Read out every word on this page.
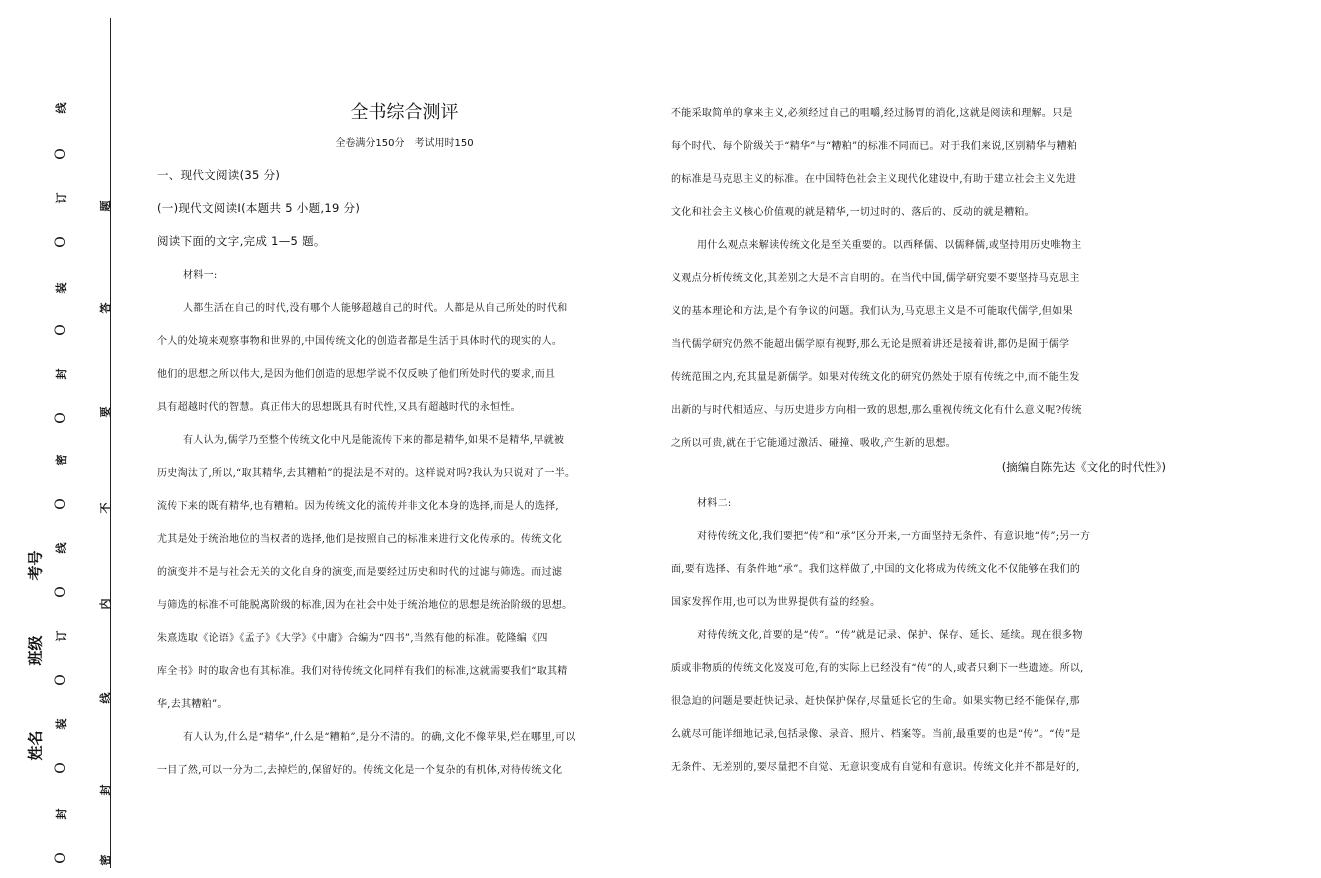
全书综合测评
全卷满分150分　考试用时150
(摘编自陈先达《文化的时代性》)
线
O
订
O
装
O
封
O
密
O
线
O
订
O
装
O
封
O
题
答
要
不
内
线
封
密
姓名
班级
考号
一、现代文阅读(35 分)
(一)现代文阅读Ⅰ(本题共 5 小题,19 分)
阅读下面的文字,完成 1—5 题。
材料一:
人都生活在自己的时代,没有哪个人能够超越自己的时代。人都是从自己所处的时代和
个人的处境来观察事物和世界的,中国传统文化的创造者都是生活于具体时代的现实的人。
他们的思想之所以伟大,是因为他们创造的思想学说不仅反映了他们所处时代的要求,而且
具有超越时代的智慧。真正伟大的思想既具有时代性,又具有超越时代的永恒性。
有人认为,儒学乃至整个传统文化中凡是能流传下来的都是精华,如果不是精华,早就被
历史淘汰了,所以,“取其精华,去其糟粕”的提法是不对的。这样说对吗?我认为只说对了一半。
流传下来的既有精华,也有糟粕。因为传统文化的流传并非文化本身的选择,而是人的选择,
尤其是处于统治地位的当权者的选择,他们是按照自己的标准来进行文化传承的。传统文化
的演变并不是与社会无关的文化自身的演变,而是要经过历史和时代的过滤与筛选。而过滤
与筛选的标准不可能脱离阶级的标准,因为在社会中处于统治地位的思想是统治阶级的思想。
朱熹选取《论语》《孟子》《大学》《中庸》合编为“四书”,当然有他的标准。乾隆编《四
库全书》时的取舍也有其标准。我们对待传统文化同样有我们的标准,这就需要我们“取其精
华,去其糟粕”。
有人认为,什么是“精华”,什么是“糟粕”,是分不清的。的确,文化不像苹果,烂在哪里,可以
一目了然,可以一分为二,去掉烂的,保留好的。传统文化是一个复杂的有机体,对待传统文化
不能采取简单的拿来主义,必须经过自己的咀嚼,经过肠胃的消化,这就是阅读和理解。只是
每个时代、每个阶级关于“精华”与“糟粕”的标准不同而已。对于我们来说,区别精华与糟粕
的标准是马克思主义的标准。在中国特色社会主义现代化建设中,有助于建立社会主义先进
文化和社会主义核心价值观的就是精华,一切过时的、落后的、反动的就是糟粕。
用什么观点来解读传统文化是至关重要的。以西释儒、以儒释儒,或坚持用历史唯物主
义观点分析传统文化,其差别之大是不言自明的。在当代中国,儒学研究要不要坚持马克思主
义的基本理论和方法,是个有争议的问题。我们认为,马克思主义是不可能取代儒学,但如果
当代儒学研究仍然不能超出儒学原有视野,那么无论是照着讲还是接着讲,都仍是囿于儒学
传统范围之内,充其量是新儒学。如果对传统文化的研究仍然处于原有传统之中,而不能生发
出新的与时代相适应、与历史进步方向相一致的思想,那么重视传统文化有什么意义呢?传统
之所以可贵,就在于它能通过激活、碰撞、吸收,产生新的思想。
材料二:
对待传统文化,我们要把“传”和“承”区分开来,一方面坚持无条件、有意识地“传”;另一方
面,要有选择、有条件地“承”。我们这样做了,中国的文化将成为传统文化不仅能够在我们的
国家发挥作用,也可以为世界提供有益的经验。
对待传统文化,首要的是“传”。“传”就是记录、保护、保存、延长、延续。现在很多物
质或非物质的传统文化岌岌可危,有的实际上已经没有“传”的人,或者只剩下一些遗迹。所以,
很急迫的问题是要赶快记录、赶快保护保存,尽量延长它的生命。如果实物已经不能保存,那
么就尽可能详细地记录,包括录像、录音、照片、档案等。当前,最重要的也是“传”。“传”是
无条件、无差别的,要尽量把不自觉、无意识变成有自觉和有意识。传统文化并不都是好的,
